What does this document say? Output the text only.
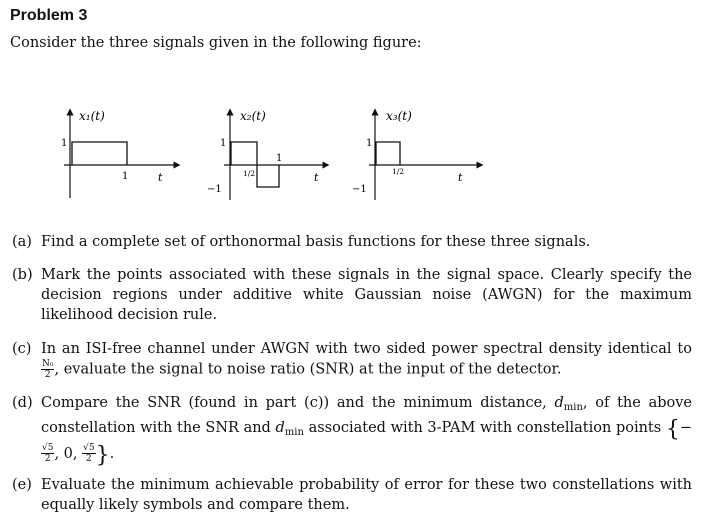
Problem 3
Consider the three signals given in the following figure:
x₁(t)
1
1	t
x₂(t)
1
−1
1/2
1
t
x₃(t)
1
−1
1/2	t
(a) Find a complete set of orthonormal basis functions for these three signals.
(b) Mark the points associated with these signals in the signal space. Clearly specify the decision regions under additive white Gaussian noise (AWGN) for the maximum likelihood decision rule.
(c) In an ISI-free channel under AWGN with two sided power spectral density identical to
$\frac{\text{N₀}}{2}$ , evaluate the signal to noise ratio (SNR) at the input of the detector.
(d) Compare the SNR (found in part (c)) and the minimum distance, $d_{min}$, of the above constellation with the SNR and $d_{min}$ associated with 3-PAM with constellation points {−
$\frac{√5}{2}$ , 0, $\frac{√5}{2}$ }.
(e) Evaluate the minimum achievable probability of error for these two constellations with equally likely symbols and compare them.
